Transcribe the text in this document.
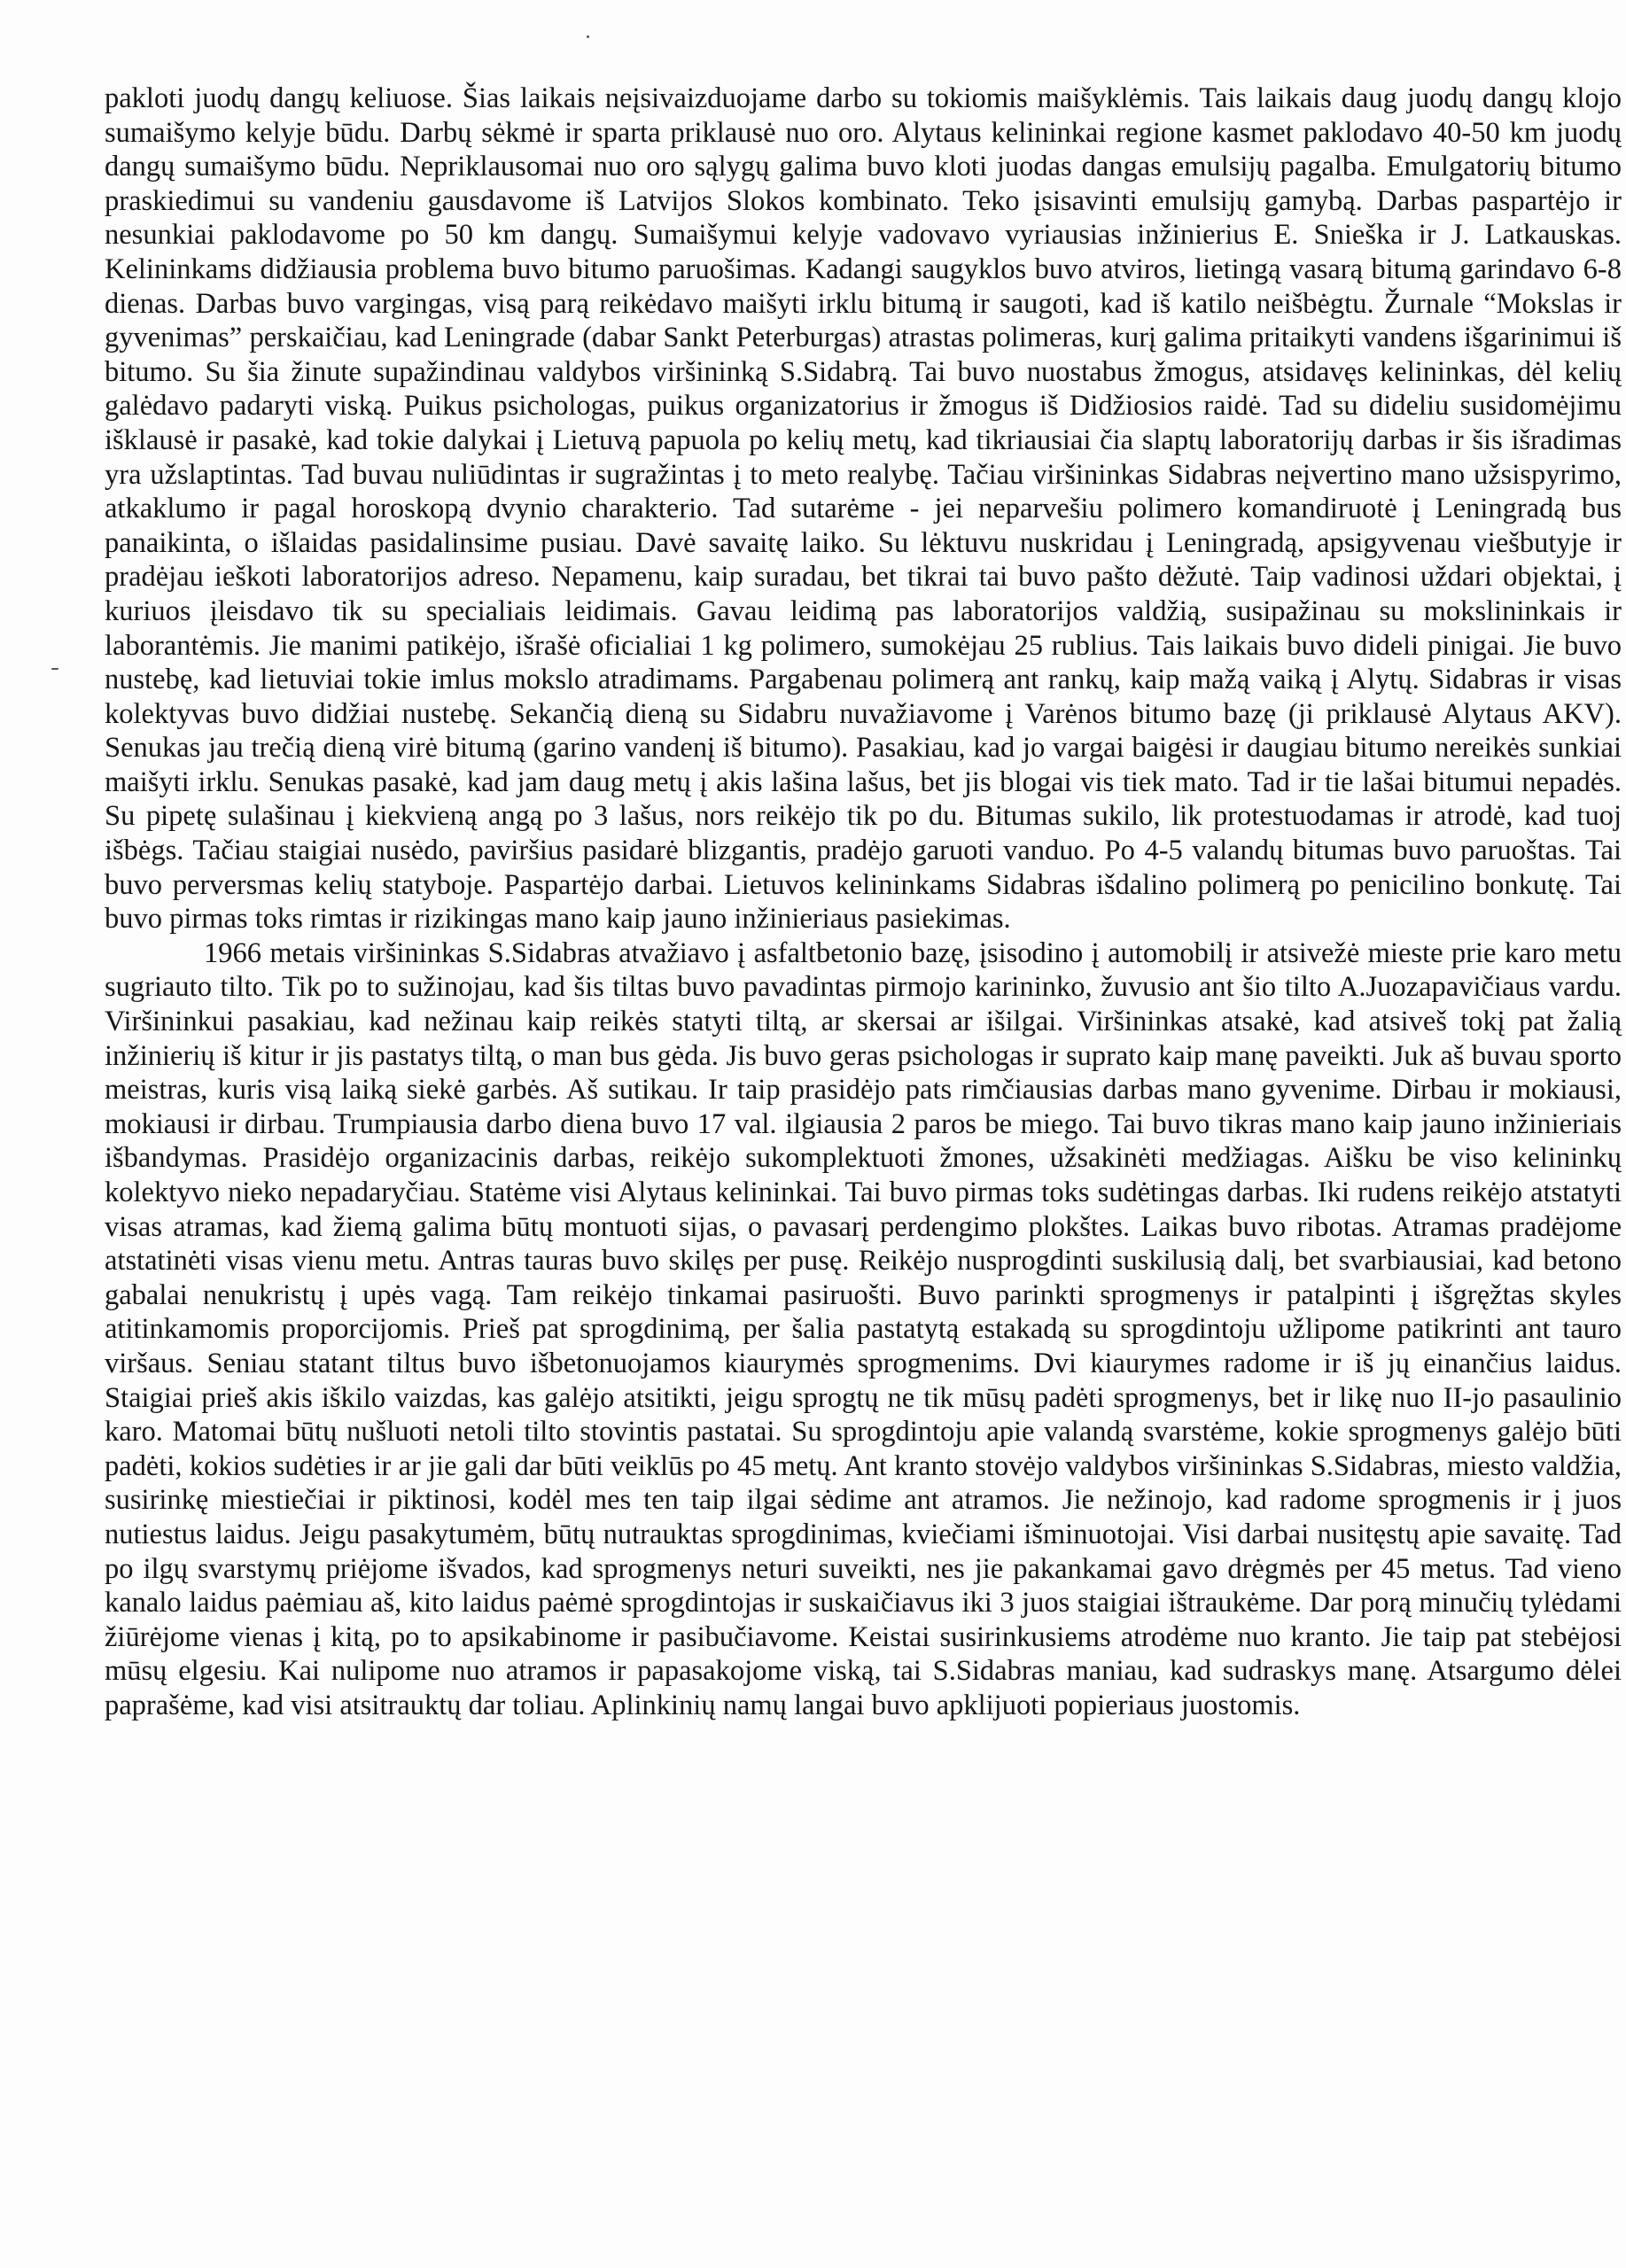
pakloti juodų dangų keliuose. Šias laikais neįsivaizduojame darbo su tokiomis maišyklėmis. Tais laikais daug juodų dangų klojo sumaišymo kelyje būdu. Darbų sėkmė ir sparta priklausė nuo oro. Alytaus kelininkai regione kasmet paklodavo 40-50 km juodų dangų sumaišymo būdu. Nepriklausomai nuo oro sąlygų galima buvo kloti juodas dangas emulsijų pagalba. Emulgatorių bitumo praskiedimui su vandeniu gausdavome iš Latvijos Slokos kombinato. Teko įsisavinti emulsijų gamybą. Darbas paspartėjo ir nesunkiai paklodavome po 50 km dangų. Sumaišymui kelyje vadovavo vyriausias inžinierius E. Snieška ir J. Latkauskas. Kelininkams didžiausia problema buvo bitumo paruošimas. Kadangi saugyklos buvo atviros, lietingą vasarą bitumą garindavo 6-8 dienas. Darbas buvo vargingas, visą parą reikėdavo maišyti irklu bitumą ir saugoti, kad iš katilo neišbėgtu. Žurnale “Mokslas ir gyvenimas” perskaičiau, kad Leningrade (dabar Sankt Peterburgas) atrastas polimeras, kurį galima pritaikyti vandens išgarinimui iš bitumo. Su šia žinute supažindinau valdybos viršininką S.Sidabrą. Tai buvo nuostabus žmogus, atsidavęs kelininkas, dėl kelių galėdavo padaryti viską. Puikus psichologas, puikus organizatorius ir žmogus iš Didžiosios raidė. Tad su dideliu susidomėjimu išklausė ir pasakė, kad tokie dalykai į Lietuvą papuola po kelių metų, kad tikriausiai čia slaptų laboratorijų darbas ir šis išradimas yra užslaptintas. Tad buvau nuliūdintas ir sugražintas į to meto realybę. Tačiau viršininkas Sidabras neįvertino mano užsispyrimo, atkaklumo ir pagal horoskopą dvynio charakterio. Tad sutarėme - jei neparvešiu polimero komandiruotė į Leningradą bus panaikinta, o išlaidas pasidalinsime pusiau. Davė savaitę laiko. Su lėktuvu nuskridau į Leningradą, apsigyvenau viešbutyje ir pradėjau ieškoti laboratorijos adreso. Nepamenu, kaip suradau, bet tikrai tai buvo pašto dėžutė. Taip vadinosi uždari objektai, į kuriuos įleisdavo tik su specialiais leidimais. Gavau leidimą pas laboratorijos valdžią, susipažinau su mokslininkais ir laborantėmis. Jie manimi patikėjo, išrašė oficialiai 1 kg polimero, sumokėjau 25 rublius. Tais laikais buvo dideli pinigai. Jie buvo nustebę, kad lietuviai tokie imlus mokslo atradimams. Pargabenau polimerą ant rankų, kaip mažą vaiką į Alytų. Sidabras ir visas kolektyvas buvo didžiai nustebę. Sekančią dieną su Sidabru nuvažiavome į Varėnos bitumo bazę (ji priklausė Alytaus AKV). Senukas jau trečią dieną virė bitumą (garino vandenį iš bitumo). Pasakiau, kad jo vargai baigėsi ir daugiau bitumo nereikės sunkiai maišyti irklu. Senukas pasakė, kad jam daug metų į akis lašina lašus, bet jis blogai vis tiek mato. Tad ir tie lašai bitumui nepadės. Su pipetę sulašinau į kiekvieną angą po 3 lašus, nors reikėjo tik po du. Bitumas sukilo, lik protestuodamas ir atrodė, kad tuoj išbėgs. Tačiau staigiai nusėdo, paviršius pasidarė blizgantis, pradėjo garuoti vanduo. Po 4-5 valandų bitumas buvo paruoštas. Tai buvo perversmas kelių statyboje. Paspartėjo darbai. Lietuvos kelininkams Sidabras išdalino polimerą po penicilino bonkutę. Tai buvo pirmas toks rimtas ir rizikingas mano kaip jauno inžinieriaus pasiekimas.

1966 metais viršininkas S.Sidabras atvažiavo į asfaltbetonio bazę, įsisodino į automobilį ir atsivežė mieste prie karo metu sugriauto tilto. Tik po to sužinojau, kad šis tiltas buvo pavadintas pirmojo karininko, žuvusio ant šio tilto A.Juozapavičiaus vardu. Viršininkui pasakiau, kad nežinau kaip reikės statyti tiltą, ar skersai ar išilgai. Viršininkas atsakė, kad atsiveš tokį pat žalią inžinierių iš kitur ir jis pastatys tiltą, o man bus gėda. Jis buvo geras psichologas ir suprato kaip manę paveikti. Juk aš buvau sporto meistras, kuris visą laiką siekė garbės. Aš sutikau. Ir taip prasidėjo pats rimčiausias darbas mano gyvenime. Dirbau ir mokiausi, mokiausi ir dirbau. Trumpiausia darbo diena buvo 17 val. ilgiausia 2 paros be miego. Tai buvo tikras mano kaip jauno inžinieriais išbandymas. Prasidėjo organizacinis darbas, reikėjo sukomplektuoti žmones, užsakinėti medžiagas. Aišku be viso kelininkų kolektyvo nieko nepadaryčiau. Statėme visi Alytaus kelininkai. Tai buvo pirmas toks sudėtingas darbas. Iki rudens reikėjo atstatyti visas atramas, kad žiemą galima būtų montuoti sijas, o pavasarį perdengimo plokštes. Laikas buvo ribotas. Atramas pradėjome atstatinėti visas vienu metu. Antras tauras buvo skilęs per pusę. Reikėjo nusprogdinti suskilusią dalį, bet svarbiausiai, kad betono gabalai nenukristų į upės vagą. Tam reikėjo tinkamai pasiruošti. Buvo parinkti sprogmenys ir patalpinti į išgręžtas skyles atitinkamomis proporcijomis. Prieš pat sprogdinimą, per šalia pastatytą estakadą su sprogdintoju užlipome patikrinti ant tauro viršaus. Seniau statant tiltus buvo išbetonuojamos kiaurymės sprogmenims. Dvi kiaurymes radome ir iš jų einančius laidus. Staigiai prieš akis iškilo vaizdas, kas galėjo atsitikti, jeigu sprogtų ne tik mūsų padėti sprogmenys, bet ir likę nuo II-jo pasaulinio karo. Matomai būtų nušluoti netoli tilto stovintis pastatai. Su sprogdintoju apie valandą svarstėme, kokie sprogmenys galėjo būti padėti, kokios sudėties ir ar jie gali dar būti veiklūs po 45 metų. Ant kranto stovėjo valdybos viršininkas S.Sidabras, miesto valdžia, susirinkę miestiečiai ir piktinosi, kodėl mes ten taip ilgai sėdime ant atramos. Jie nežinojo, kad radome sprogmenis ir į juos nutiestus laidus. Jeigu pasakytumėm, būtų nutrauktas sprogdinimas, kviečiami išminuotojai. Visi darbai nusitęstų apie savaitę. Tad po ilgų svarstymų priėjome išvados, kad sprogmenys neturi suveikti, nes jie pakankamai gavo drėgmės per 45 metus. Tad vieno kanalo laidus paėmiau aš, kito laidus paėmė sprogdintojas ir suskaičiavus iki 3 juos staigiai ištraukėme. Dar porą minučių tylėdami žiūrėjome vienas į kitą, po to apsikabinome ir pasibučiavome. Keistai susirinkusiems atrodėme nuo kranto. Jie taip pat stebėjosi mūsų elgesiu. Kai nulipome nuo atramos ir papasakojome viską, tai S.Sidabras maniau, kad sudraskys manę. Atsargumo dėlei paprašėme, kad visi atsitrauktų dar toliau. Aplinkinių namų langai buvo apklijuoti popieriaus juostomis.
